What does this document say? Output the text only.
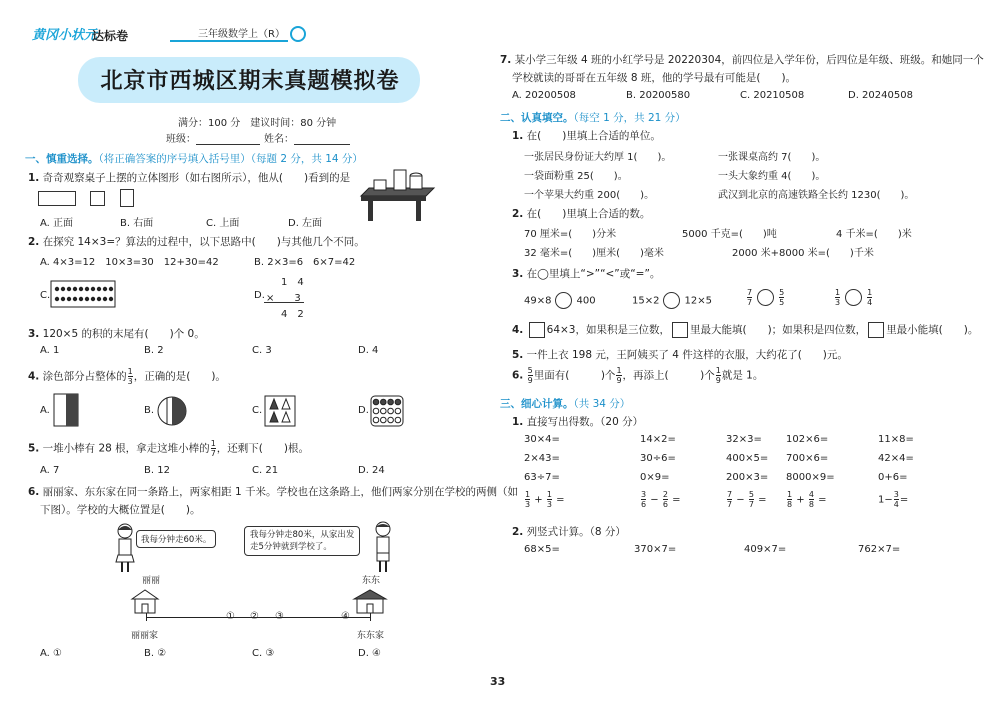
黄冈小状元
达标卷	三年级数学上（R）
北京市西城区期末真题模拟卷
满分：100 分　建议时间：80 分钟
班级：	姓名：
一、慎重选择。（将正确答案的序号填入括号里）（每题 2 分，共 14 分）
1. 奇奇观察桌子上摆的立体图形（如右图所示），他从(　　)看到的是
A. 正面	B. 右面	C. 上面	D. 左面
2. 在探究 14×3=？算法的过程中，以下思路中(　　)与其他几个不同。
A. 4×3=12　10×3=30　12+30=42	B. 2×3=6　6×7=42
C.	D.
1　4
×　　3
4　2
3. 120×5 的积的末尾有(　　)个 0。
A. 1	B. 2	C. 3	D. 4
4. 涂色部分占整体的 $\frac{1}{3}$ ，正确的是(　　)。
A.	B.	C.	D.
5. 一堆小棒有 28 根，拿走这堆小棒的 $\frac{1}{7}$ ，还剩下(　　)根。
A. 7	B. 12	C. 21	D. 24
6. 丽丽家、东东家在同一条路上，两家相距 1 千米。学校也在这条路上，他们两家分别在学校的两侧（如
下图）。学校的大概位置是(　　)。
我每分钟走60米。	我每分钟走80米，从家出发
走5分钟就到学校了。
丽丽	东东
① ② ③	④
丽丽家	东东家
A. ①	B. ②	C. ③	D. ④
7. 某小学三年级 4 班的小红学号是 20220304，前四位是入学年份，后四位是年级、班级。和她同一个
学校就读的哥哥在五年级 8 班，他的学号最有可能是(　　)。
A. 20200508	B. 20200580	C. 20210508	D. 20240508
二、认真填空。（每空 1 分，共 21 分）
1. 在(　　)里填上合适的单位。
一张居民身份证大约厚 1(　　)。	一张课桌高约 7(　　)。
一袋面粉重 25(　　)。	一头大象约重 4(　　)。
一个苹果大约重 200(　　)。	武汉到北京的高速铁路全长约 1230(　　)。
2. 在(　　)里填上合适的数。
70 厘米=(　　)分米	5000 千克=(　　)吨	4 千米=(　　)米
32 毫米=(　　)厘米(　　)毫米	2000 米+8000 米=(　　)千米
3. 在◯里填上“>”“<”或“=”。
49×8	400	15×2	12×5	$\frac{7}{7}$	$\frac{5}{5}$	$\frac{1}{3}$	$\frac{1}{4}$
4. 64×3，如果积是三位数， 里最大能填(　　)；如果积是四位数， 里最小能填(　　)。
5. 一件上衣 198 元，王阿姨买了 4 件这样的衣服，大约花了(　　)元。
6. $\frac{5}{9}$ 里面有(　　　)个 $\frac{1}{9}$ ，再添上(　　　)个 $\frac{1}{9}$ 就是 1。
三、细心计算。（共 34 分）
1. 直接写出得数。（20 分）
30×4=	14×2=	32×3= 102×6=	11×8=
2×43=	30÷6=	400×5= 700×6=	42×4=
63÷7=	0×9=	200×3= 8000×9=	0+6=
$\frac{1}{3} + \frac{1}{3}$ =	$\frac{3}{6} - \frac{2}{6}$ =	$\frac{7}{7} - \frac{5}{7}$ =	$\frac{1}{8} + \frac{4}{8}$ =	$1- \frac{3}{4}$ =
2. 列竖式计算。（8 分）
68×5=	370×7=	409×7=	762×7=
33
